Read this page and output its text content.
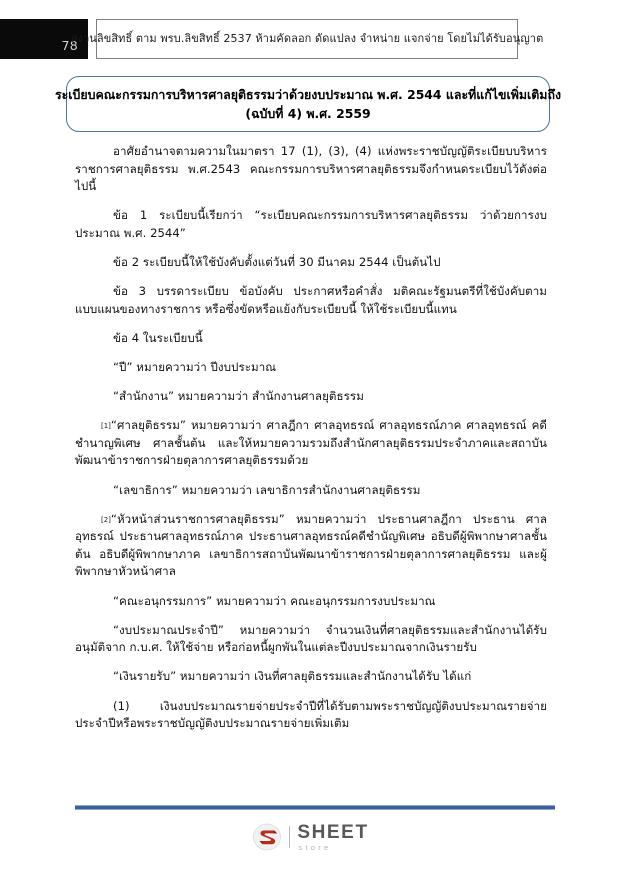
78
สงวนลิขสิทธิ์ ตาม พรบ.ลิขสิทธิ์ 2537 ห้ามคัดลอก ดัดแปลง จำหน่าย แจกจ่าย โดยไม่ได้รับอนุญาต
ระเบียบคณะกรรมการบริหารศาลยุติธรรมว่าด้วยงบประมาณ พ.ศ. 2544 และที่แก้ไขเพิ่มเติมถึง
(ฉบับที่ 4) พ.ศ. 2559

อาศัยอำนาจตามความในมาตรา 17 (1), (3), (4) แห่งพระราชบัญญัติระเบียบบริหารราชการศาลยุติธรรม พ.ศ.2543 คณะกรรมการบริหารศาลยุติธรรมจึงกำหนดระเบียบไว้ดังต่อไปนี้

ข้อ 1 ระเบียบนี้เรียกว่า “ระเบียบคณะกรรมการบริหารศาลยุติธรรม ว่าด้วยการงบประมาณ พ.ศ. 2544”

ข้อ 2 ระเบียบนี้ให้ใช้บังคับตั้งแต่วันที่ 30 มีนาคม 2544 เป็นต้นไป

ข้อ 3 บรรดาระเบียบ ข้อบังคับ ประกาศหรือคำสั่ง มติคณะรัฐมนตรีที่ใช้บังคับตามแบบแผนของทางราชการ หรือซึ่งขัดหรือแย้งกับระเบียบนี้ ให้ใช้ระเบียบนี้แทน

ข้อ 4 ในระเบียบนี้

“ปี” หมายความว่า ปีงบประมาณ

“สำนักงาน” หมายความว่า สำนักงานศาลยุติธรรม

[1]“ศาลยุติธรรม” หมายความว่า ศาลฎีกา ศาลอุทธรณ์ ศาลอุทธรณ์ภาค ศาลอุทธรณ์ คดีชำนาญพิเศษ ศาลชั้นต้น และให้หมายความรวมถึงสำนักศาลยุติธรรมประจำภาคและสถาบันพัฒนาข้าราชการฝ่ายตุลาการศาลยุติธรรมด้วย

“เลขาธิการ” หมายความว่า เลขาธิการสำนักงานศาลยุติธรรม

[2]“หัวหน้าส่วนราชการศาลยุติธรรม” หมายความว่า ประธานศาลฎีกา ประธาน ศาลอุทธรณ์ ประธานศาลอุทธรณ์ภาค ประธานศาลอุทธรณ์คดีชำนัญพิเศษ อธิบดีผู้พิพากษาศาลชั้นต้น อธิบดีผู้พิพากษาภาค เลขาธิการสถาบันพัฒนาข้าราชการฝ่ายตุลาการศาลยุติธรรม และผู้พิพากษาหัวหน้าศาล

“คณะอนุกรรมการ” หมายความว่า คณะอนุกรรมการงบประมาณ

“งบประมาณประจำปี” หมายความว่า จำนวนเงินที่ศาลยุติธรรมและสำนักงานได้รับอนุมัติจาก ก.บ.ศ. ให้ใช้จ่าย หรือก่อหนี้ผูกพันในแต่ละปีงบประมาณจากเงินรายรับ

“เงินรายรับ” หมายความว่า เงินที่ศาลยุติธรรมและสำนักงานได้รับ ได้แก่

(1) เงินงบประมาณรายจ่ายประจำปีที่ได้รับตามพระราชบัญญัติงบประมาณรายจ่ายประจำปีหรือพระราชบัญญัติงบประมาณรายจ่ายเพิ่มเติม

SHEET
store
